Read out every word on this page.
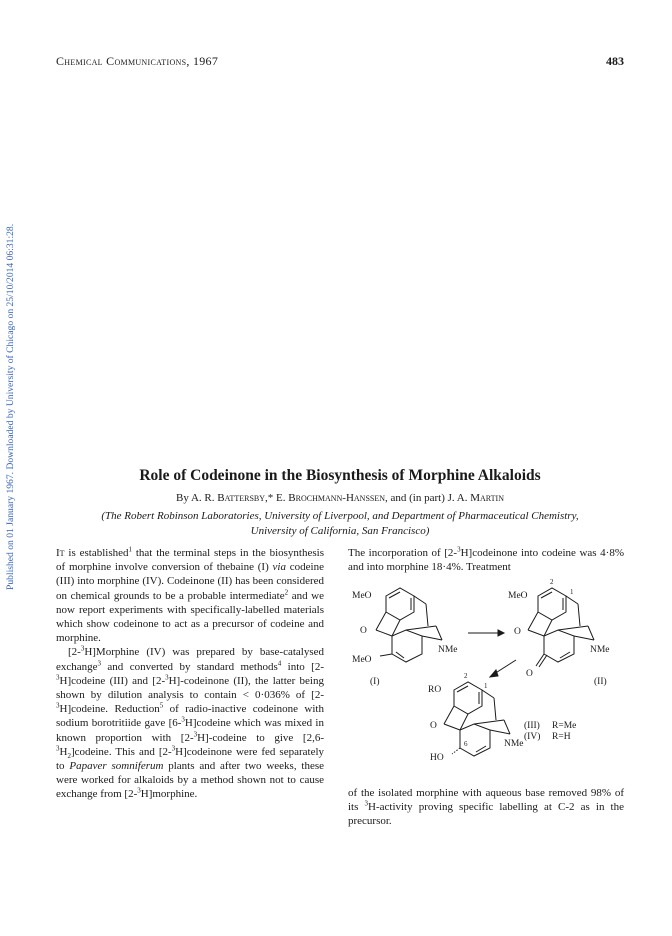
Published on 01 January 1967. Downloaded by University of Chicago on 25/10/2014 06:31:28.
Chemical Communications, 1967	483
Role of Codeinone in the Biosynthesis of Morphine Alkaloids
By A. R. Battersby,* E. Brochmann-Hanssen, and (in part) J. A. Martin
(The Robert Robinson Laboratories, University of Liverpool, and Department of Pharmaceutical Chemistry,
University of California, San Francisco)

It is established$^1$ that the terminal steps in the biosynthesis of morphine involve conversion of thebaine (I) via codeine (III) into morphine (IV). Codeinone (II) has been considered on chemical grounds to be a probable intermediate$^2$ and we now report experiments with specifically-labelled materials which show codeinone to act as a precursor of codeine and morphine.

[2-$^3$H]Morphine (IV) was prepared by base-catalysed exchange$^3$ and converted by standard methods$^4$ into [2-$^3$H]codeine (III) and [2-$^3$H]-codeinone (II), the latter being shown by dilution analysis to contain < 0·036% of [2-$^3$H]codeine. Reduction$^5$ of radio-inactive codeinone with sodium borotritiide gave [6-$^3$H]codeine which was mixed in known proportion with [2-$^3$H]-codeine to give $[2,6-^3H_2]codeine$. This and [2-$^3$H]codeinone were fed separately to Papaver somniferum plants and after two weeks, these were worked for alkaloids by a method shown not to cause exchange from [2-$^3$H]morphine.

The incorporation of [2-$^3$H]codeinone into codeine was 4·8% and into morphine 18·4%. Treatment

MeO
O
NMe
MeO
(I)
2
1
MeO
O
NMe
O
(II)
2
1
RO
O
NMe
6
HO
(III) R=Me
(IV) R=H

of the isolated morphine with aqueous base removed 98% of its $^3$H-activity proving specific labelling at C-2 as in the precursor.
